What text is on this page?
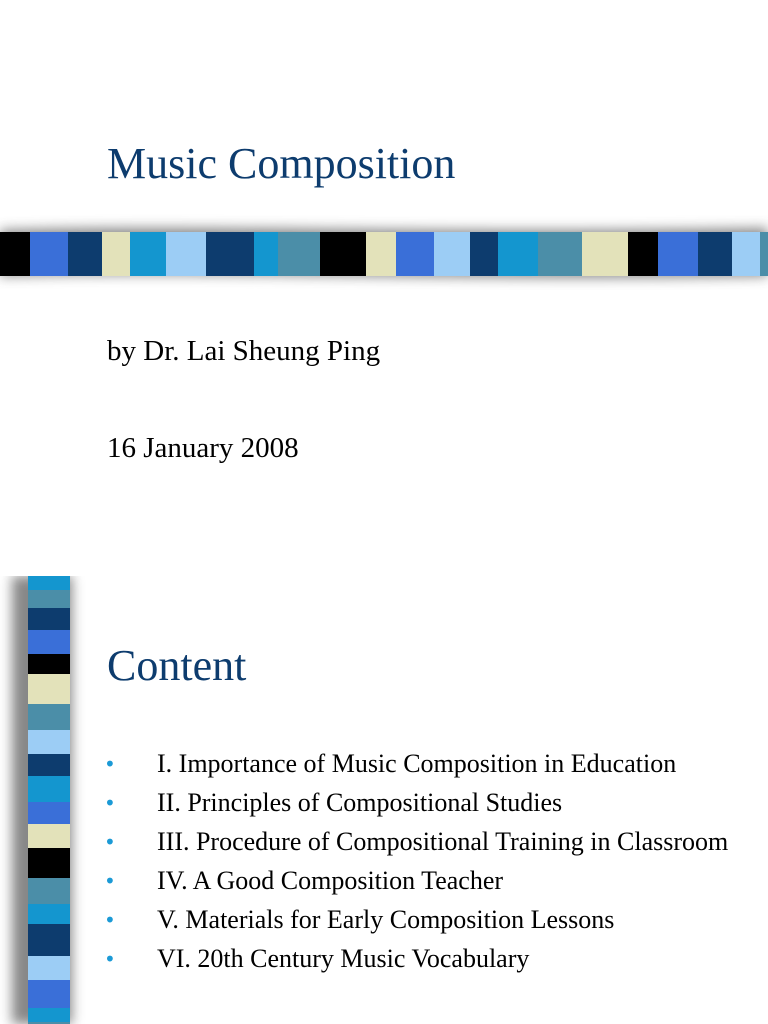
Music Composition
by Dr. Lai Sheung Ping
16 January 2008
Content
• I. Importance of Music Composition in Education
• II. Principles of Compositional Studies
• III. Procedure of Compositional Training in Classroom
• IV. A Good Composition Teacher
• V. Materials for Early Composition Lessons
• VI. 20th Century Music Vocabulary
